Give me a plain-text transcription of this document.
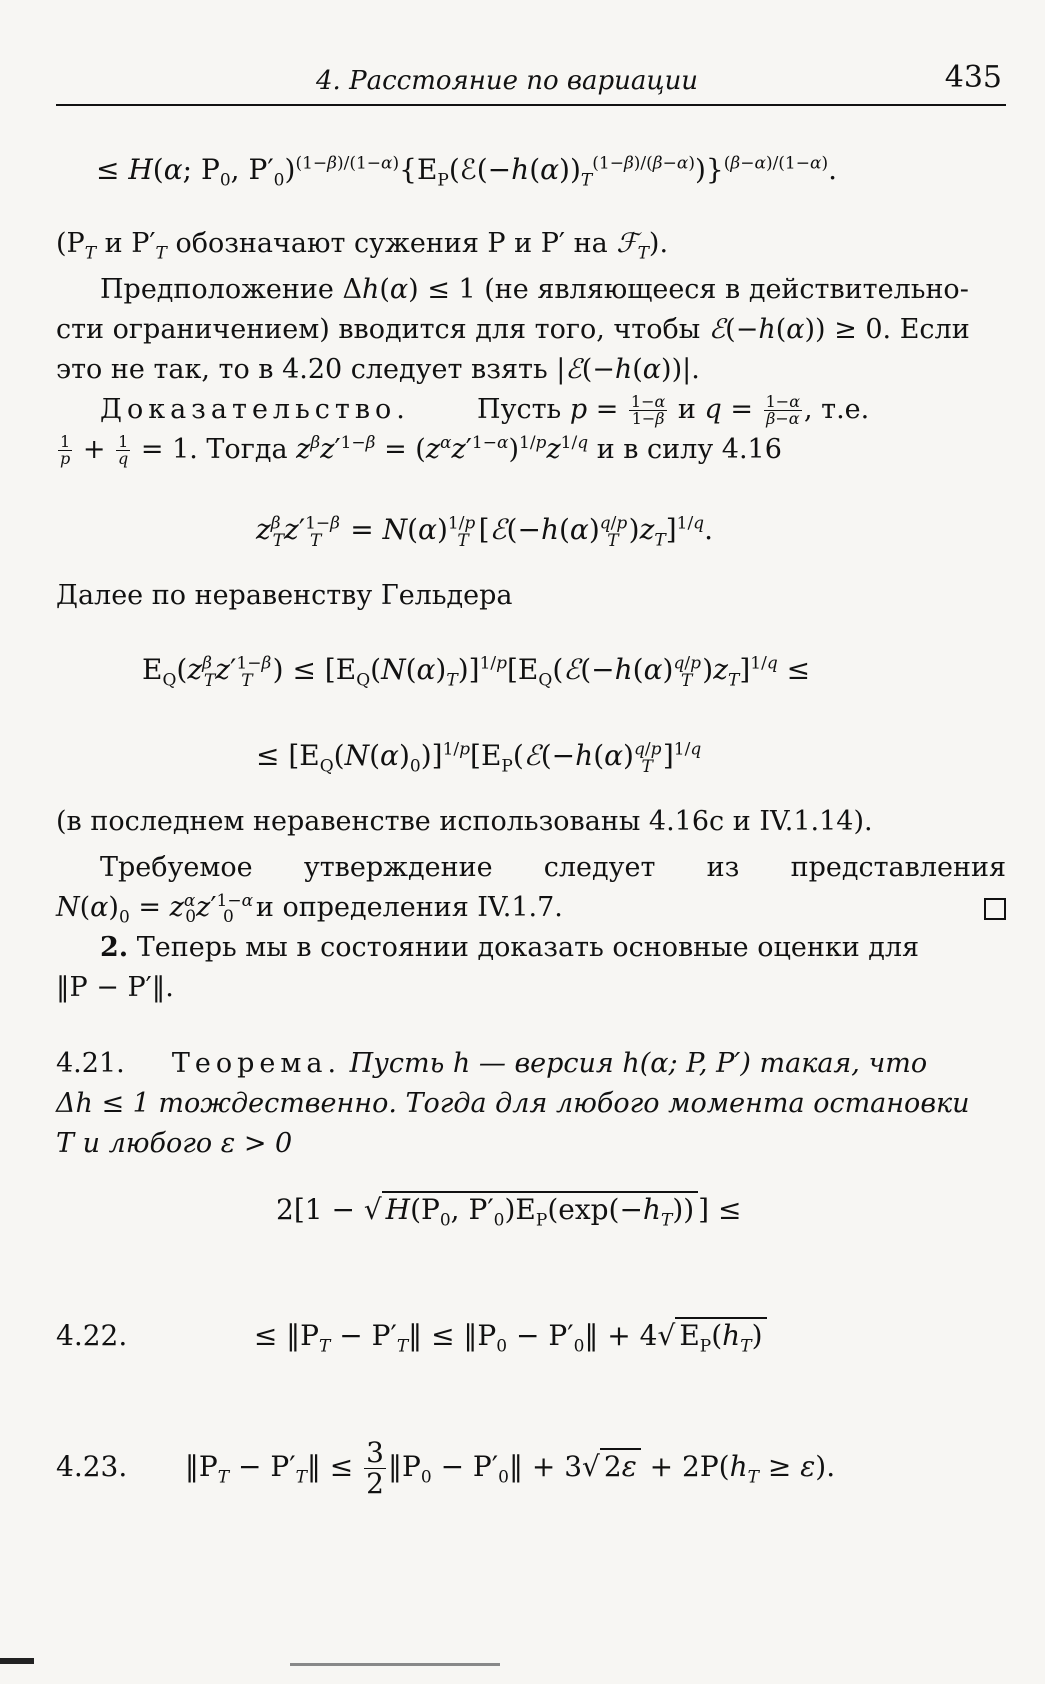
4. Расстояние по вариации	435
≤ H(α; $P_0$, $P'_0)^{(1-\beta)/(1-\alpha)}\{E_P(ℰ(-h(\alpha))_T^{(1-\beta)/(\beta-\alpha)})\}^{(\beta-\alpha)/(1-\alpha)}$.

($P_T$ и $P'_T$ обозначают сужения P и P′ на ℱ$_T$).

Предположение Δh(α) ≤ 1 (не являющееся в действительно-

сти ограничением) вводится для того, чтобы ℰ(−h(α)) ≥ 0. Если

это не так, то в 4.20 следует взять |ℰ(−h(α))|.

Доказательство.  Пусть $p = \frac{1-\alpha}{1-\beta}$ и $q = \frac{1-\alpha}{\beta-\alpha}$ , т.е.

$\frac{1}{p} + \frac{1}{q} = 1$. Тогда $z^\beta z'^{1-\beta} = (z^\alpha z'^{1-\alpha})^{1/p}z^{1/q}$ и в силу 4.16

$z^\beta_Tz'^{1-\beta}_T = N(\alpha)^{1/p}_T$ [$ℰ(-h(\alpha)^{q/p}_T$ )$z_T]^{1/q}$.

Далее по неравенству Гельдера

$E_Q(z^\beta_Tz'^{1-\beta}_T$ ) ≤ $[E_Q(N(\alpha)_T)]^{1/p}[E_Q(ℰ(-h(\alpha)^{q/p}_T$ )$z_T]^{1/q}$ ≤
≤ $[E_Q(N(\alpha)_0)]^{1/p}[E_P(ℰ(-h(\alpha)^{q/p}_T$ ]$^{1/q}$

(в последнем неравенстве использованы 4.16c и IV.1.14).

Требуемое утверждение следует из представления

$N(\alpha)_0 = z^\alpha_0z'^{1-\alpha}_0$ и определения IV.1.7.

2. Теперь мы в состоянии доказать основные оценки для

‖P − P′‖.

4.21. Теорема. Пусть h — версия h(α; P, P′) такая, что

Δh ≤ 1 тождественно. Тогда для любого момента остановки

T и любого ε > 0

2[1 − √ $H(P_0$, $P'_0)E_P(\exp(-h_T))$ ] ≤
4.22.	≤ $‖P_T$ − $P'_T‖$ ≤ $‖P_0$ − $P'_0‖ + 4√$ $E_P(h_T)$
4.23. $‖P_T$ − $P'_T‖ \le \frac{3}{2}$ $‖P_0$ − $P'_0‖ + 3√$ $2\varepsilon + 2P(h_T \ge \varepsilon)$.
